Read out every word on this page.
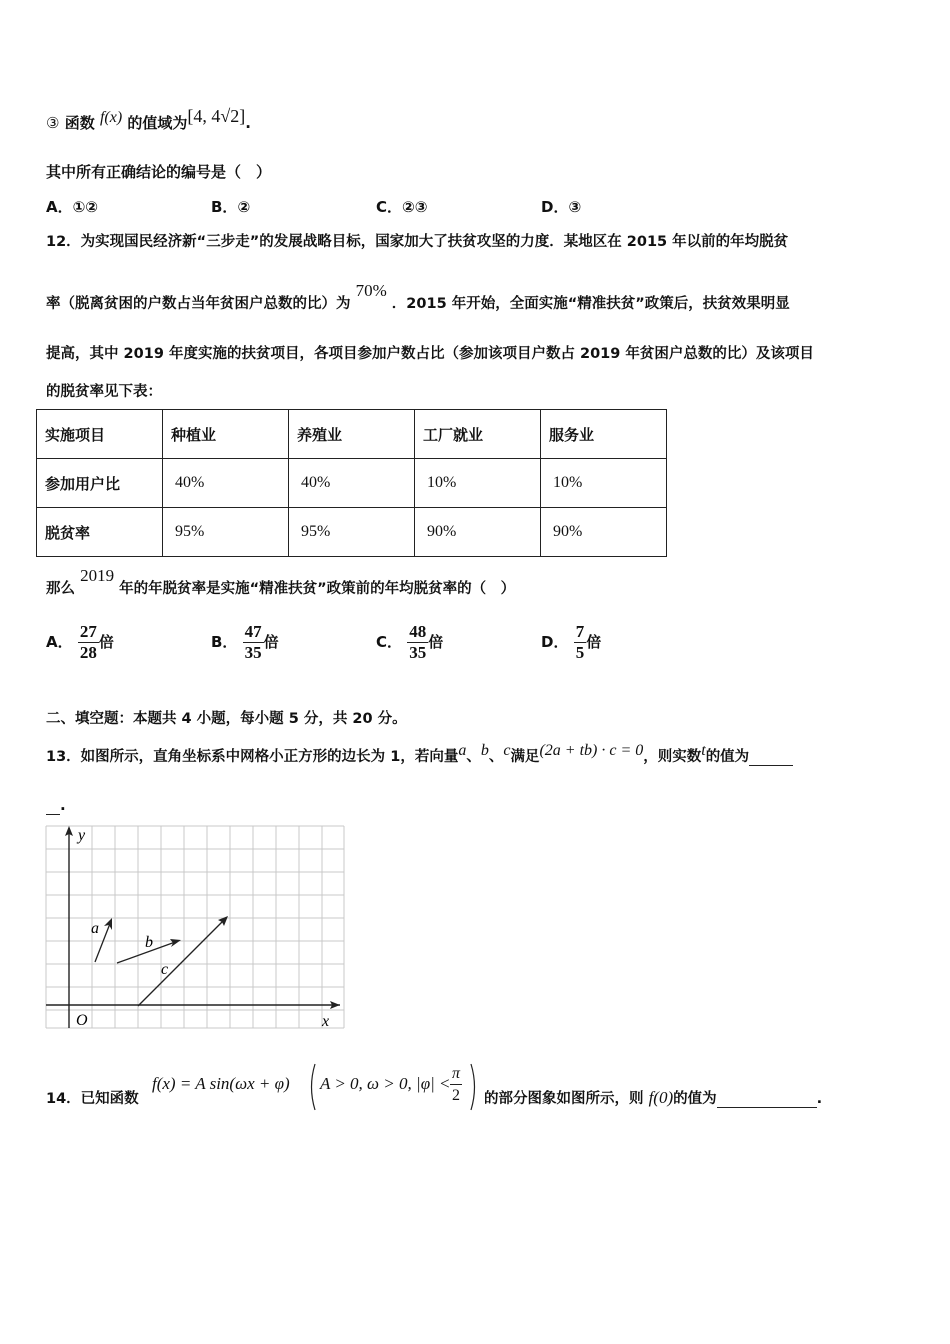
③ 函数 f(x) 的值域为[4, 4√2].
其中所有正确结论的编号是（　）
A．①②	B．②	C．②③	D．③
12．为实现国民经济新“三步走”的发展战略目标，国家加大了扶贫攻坚的力度．某地区在 2015 年以前的年均脱贫
率（脱离贫困的户数占当年贫困户总数的比）为 70% ．2015 年开始，全面实施“精准扶贫”政策后，扶贫效果明显
提高，其中 2019 年度实施的扶贫项目，各项目参加户数占比（参加该项目户数占 2019 年贫困户总数的比）及该项目
的脱贫率见下表：
实施项目	种植业	养殖业	工厂就业	服务业
参加用户比	40%	40%	10%	10%
脱贫率	95%	95%	90%	90%
那么 2019 年的年脱贫率是实施“精准扶贫”政策前的年均脱贫率的（　）
A． $\frac{27}{28}$ 倍	B． $\frac{47}{35}$ 倍	C． $\frac{48}{35}$ 倍	D． $\frac{7}{5}$ 倍
二、填空题：本题共 4 小题，每小题 5 分，共 20 分。
13．如图所示，直角坐标系中网格小正方形的边长为 1，若向量a、b、c满足(2a + tb) · c = 0，则实数t的值为
.
y
x
O
a
b
c
14．已知函数
f(x) = A sin(ωx + φ) A > 0, ω > 0, $|\varphi| < \frac{\pi}{2}$ 的部分图象如图所示，则 f(0)的值为	.
